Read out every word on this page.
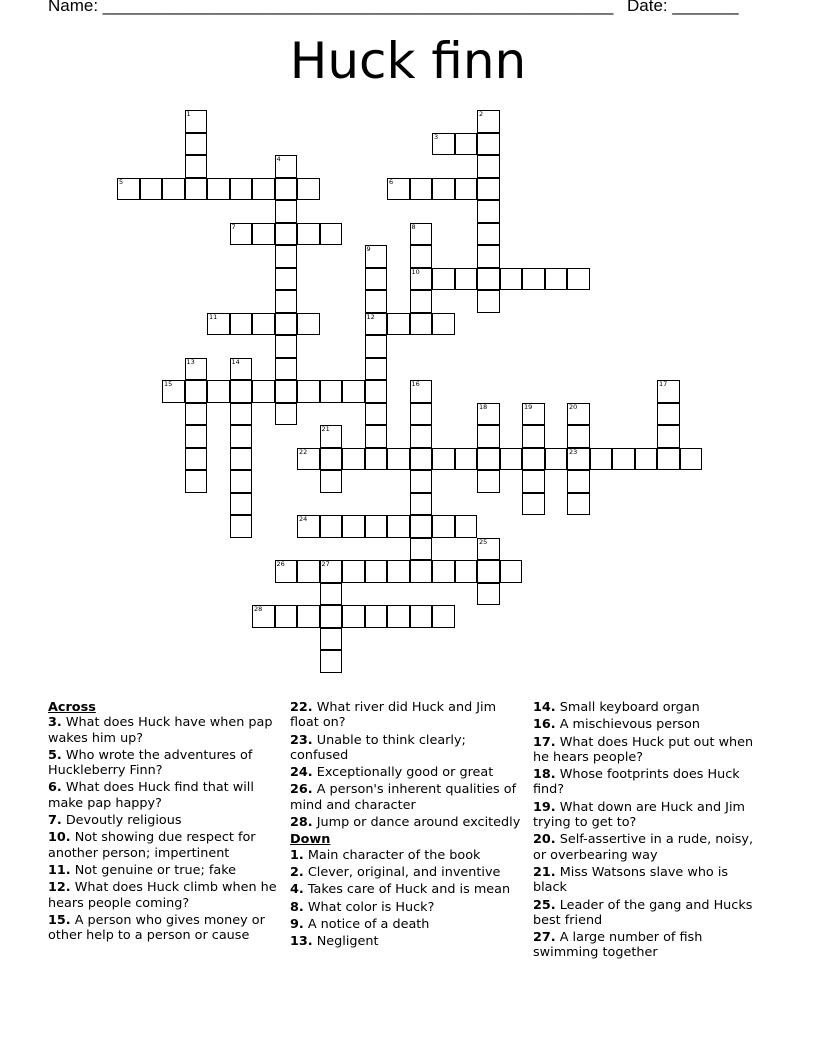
Name: ______________________________________________________ Date: _______
Huck finn
1	2
3
4
5	6
7	8
10
9
12
11
13	14
15	16	17
18	19	20
23
21
22
24
25
26	27
28
Across
3. What does Huck have when pap wakes him up?
5. Who wrote the adventures of Huckleberry Finn?
6. What does Huck find that will make pap happy?
7. Devoutly religious
10. Not showing due respect for another person; impertinent
11. Not genuine or true; fake
12. What does Huck climb when he hears people coming?
15. A person who gives money or other help to a person or cause
22. What river did Huck and Jim float on?
23. Unable to think clearly; confused
24. Exceptionally good or great
26. A person's inherent qualities of mind and character
28. Jump or dance around excitedly
Down
1. Main character of the book
2. Clever, original, and inventive
4. Takes care of Huck and is mean
8. What color is Huck?
9. A notice of a death
13. Negligent
14. Small keyboard organ
16. A mischievous person
17. What does Huck put out when he hears people?
18. Whose footprints does Huck find?
19. What down are Huck and Jim trying to get to?
20. Self-assertive in a rude, noisy, or overbearing way
21. Miss Watsons slave who is black
25. Leader of the gang and Hucks best friend
27. A large number of fish swimming together
